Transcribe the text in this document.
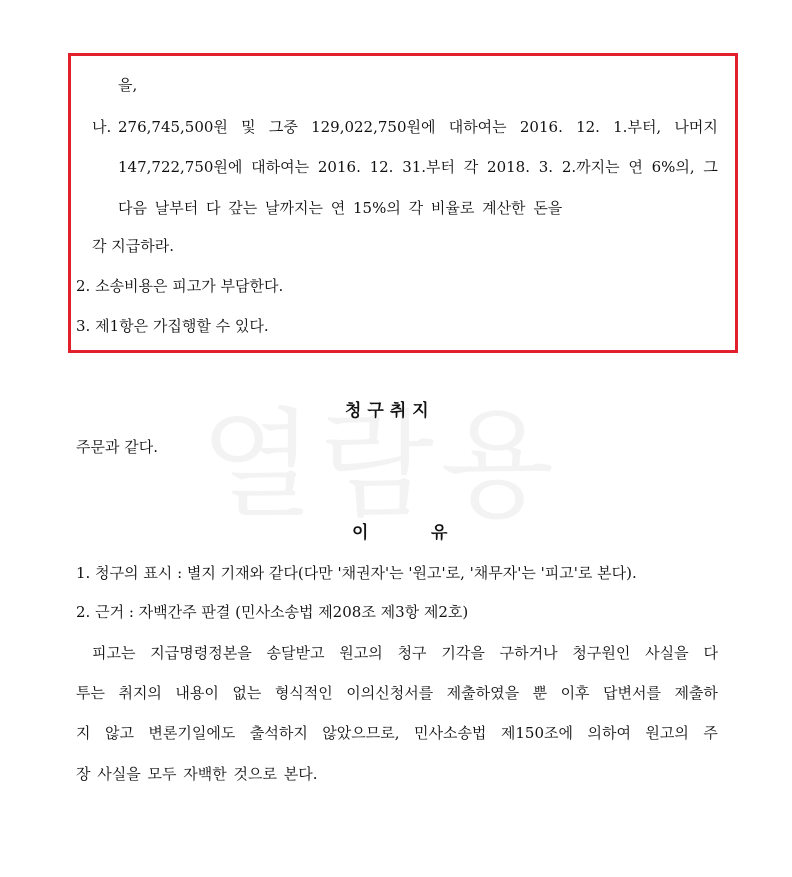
을,
나. 276,745,500원 및 그중 129,022,750원에 대하여는 2016. 12. 1.부터, 나머지
147,722,750원에 대하여는 2016. 12. 31.부터 각 2018. 3. 2.까지는 연 6%의, 그
다음 날부터 다 갚는 날까지는 연 15%의 각 비율로 계산한 돈을
각 지급하라.
2. 소송비용은 피고가 부담한다.
3. 제1항은 가집행할 수 있다.
청구취지
주문과 같다.
이	유
1. 청구의 표시 : 별지 기재와 같다(다만 '채권자'는 '원고'로, '채무자'는 '피고'로 본다).
2. 근거 : 자백간주 판결 (민사소송법 제208조 제3항 제2호)
피고는 지급명령정본을 송달받고 원고의 청구 기각을 구하거나 청구원인 사실을 다
투는 취지의 내용이 없는 형식적인 이의신청서를 제출하였을 뿐 이후 답변서를 제출하
지 않고 변론기일에도 출석하지 않았으므로, 민사소송법 제150조에 의하여 원고의 주
장 사실을 모두 자백한 것으로 본다.
